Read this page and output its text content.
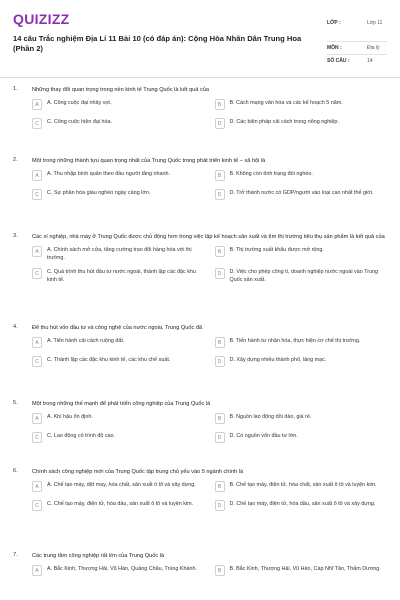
QUIZIZZ
14 câu Trắc nghiệm Địa Lí 11 Bài 10 (có đáp án): Cộng Hòa Nhân Dân Trung Hoa (Phần 2)
LỚP :	Lớp 11
MÔN :	Địa lý
SỐ CÂU :	14
1.	Những thay đổi quan trọng trong nền kinh tế Trung Quốc là kết quả của
A	A. Công cuộc đại nhảy vọt.	B	B. Cách mạng văn hóa và các kế hoạch 5 năm.
C	C. Công cuộc hiện đại hóa.	D	D. Các biện pháp cải cách trong nông nghiệp.
2.	Một trong những thành tựu quan trọng nhất của Trung Quốc trong phát triển kinh tế – xã hội là
A	A. Thu nhập bình quân theo đầu người tăng nhanh.	B	B. Không còn tình trạng đói nghèo.
C	C. Sự phân hóa giàu nghèo ngày càng lớn.	D	D. Trở thành nước có GDP/người vào loại cao nhất thế giới.
3.	Các xí nghiệp, nhà máy ở Trung Quốc được chủ động hơn trong việc lập kế hoạch sản xuất và tìm thị trường tiêu thụ sản phẩm là kết quả của
A	A. Chính sách mở cửa, tăng cường trao đổi hàng hóa với thị trường.
B	B. Thị trường xuất khẩu được mở rộng.
C	C. Quá trình thu hút đầu tư nước ngoài, thành lập các đặc khu kinh tế.
D	D. Việc cho phép công ti, doanh nghiệp nước ngoài vào Trung Quốc sản xuất.
4.	Để thu hút vốn đầu tư và công nghệ của nước ngoài, Trung Quốc đã
A	A. Tiến hành cải cách ruộng đất.	B	B. Tiến hành tư nhân hóa, thực hiện cơ chế thị trường.
C	C. Thành lập các đặc khu kinh tế, các khu chế xuất.	D	D. Xây dựng nhiều thành phố, làng mạc.
5.	Một trong những thế mạnh để phát triển công nghiệp của Trung Quốc là
A	A. Khí hậu ổn định.	B	B. Nguồn lao động dồi dào, giá rẻ.
C	C. Lao động có trình độ cao.	D	D. Có nguồn vốn đầu tư lớn.
6.	Chính sách công nghiệp mới của Trung Quốc tập trung chủ yếu vào 5 ngành chính là
A	A. Chế tạo máy, dệt may, hóa chất, sản xuất ô tô và xây dựng.	B	B. Chế tạo máy, điện tử, hóa chất, sản xuất ô tô và luyện kim.
C	C. Chế tạo máy, điện tử, hóa dầu, sản xuất ô tô và luyện kim.	D	D. Chế tạo máy, điện tử, hóa dầu, sản xuất ô tô và xây dựng.
7.	Các trung tâm công nghiệp rất lớn của Trung Quốc là
A	A. Bắc Kinh, Thượng Hải, Vũ Hán, Quảng Châu, Trùng Khánh.	B	B. Bắc Kinh, Thượng Hải, Vũ Hán, Cáp Nhĩ Tân, Thẩm Dương.
